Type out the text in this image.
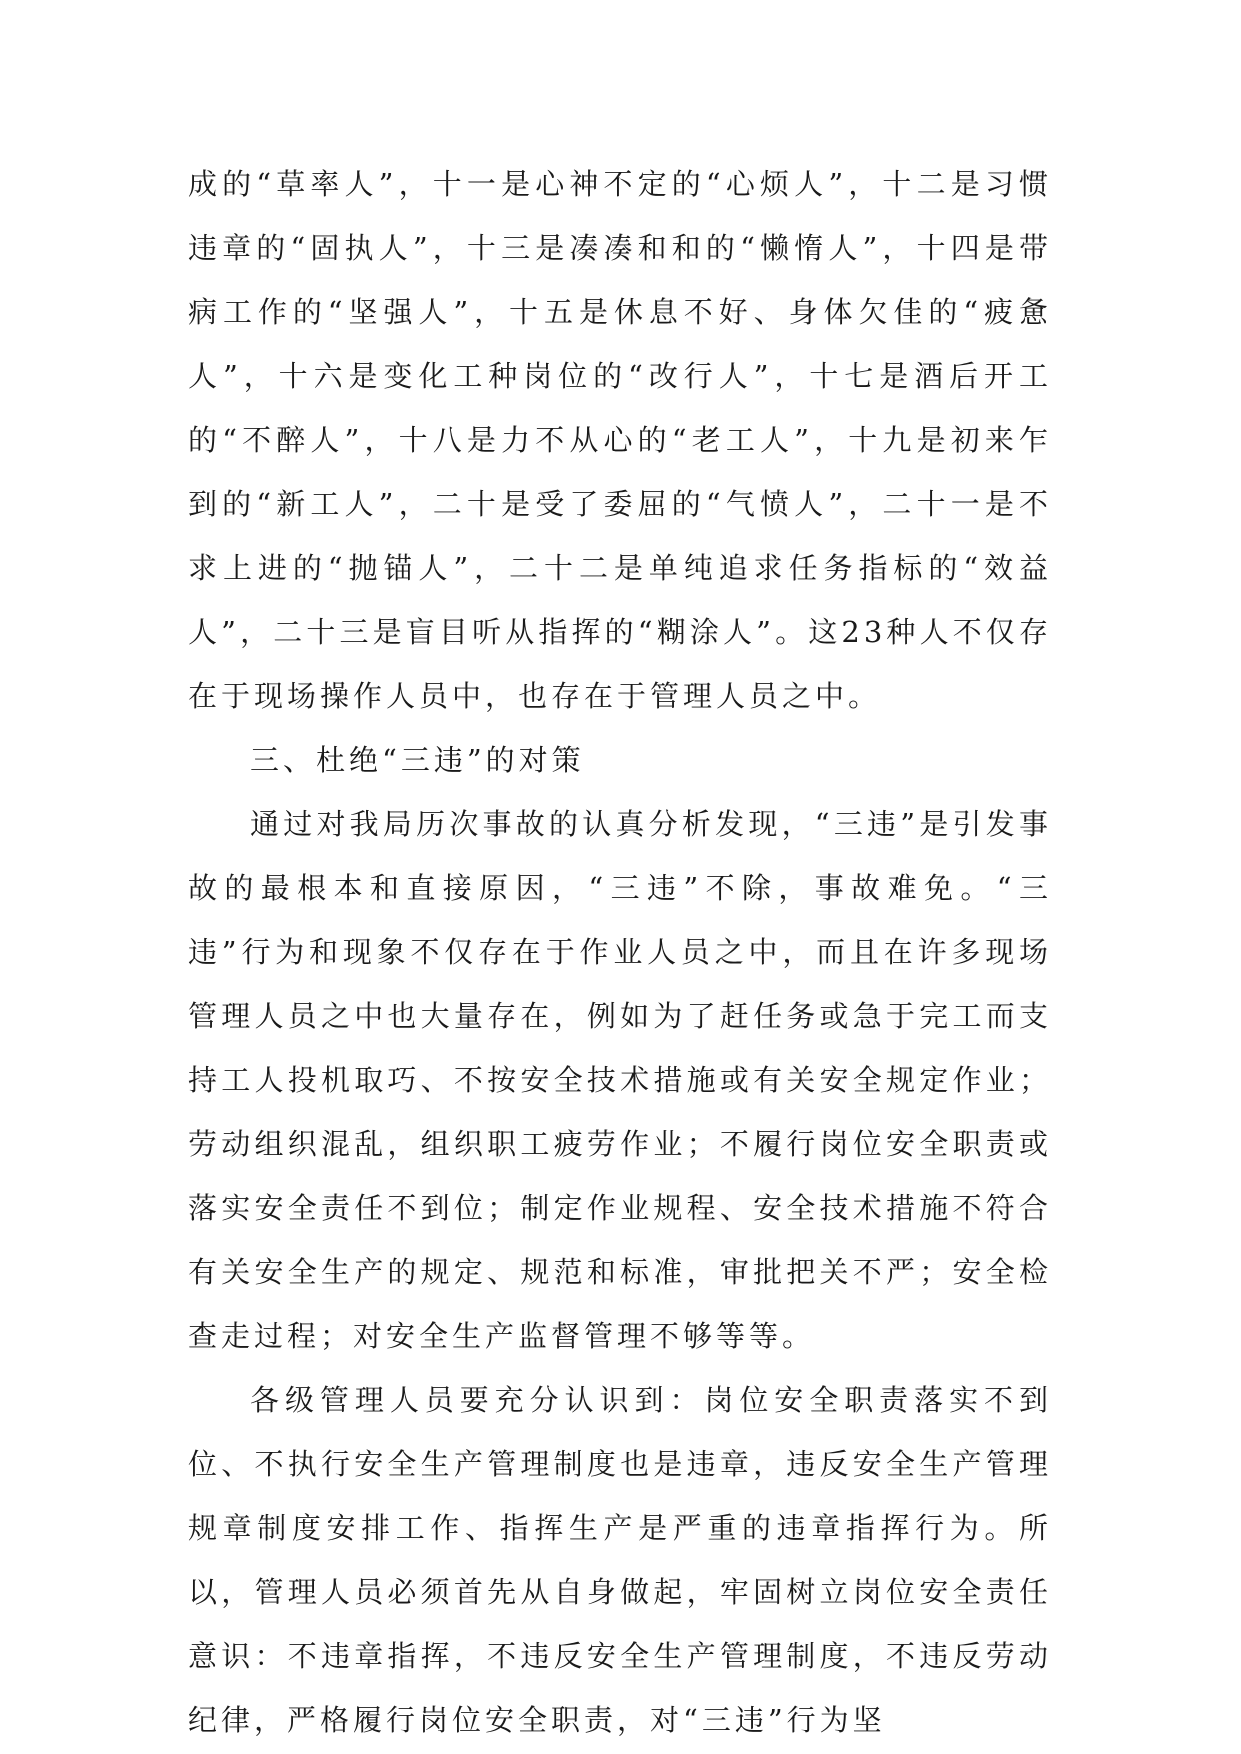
成的“草率人”，十一是心神不定的“心烦人”，十二是习惯违章的“固执人”，十三是凑凑和和的“懒惰人”，十四是带病工作的“坚强人”，十五是休息不好、身体欠佳的“疲惫人”，十六是变化工种岗位的“改行人”，十七是酒后开工的“不醉人”，十八是力不从心的“老工人”，十九是初来乍到的“新工人”，二十是受了委屈的“气愤人”，二十一是不求上进的“抛锚人”，二十二是单纯追求任务指标的“效益人”，二十三是盲目听从指挥的“糊涂人”。这23种人不仅存在于现场操作人员中，也存在于管理人员之中。

三、杜绝“三违”的对策

通过对我局历次事故的认真分析发现，“三违”是引发事故的最根本和直接原因，“三违”不除，事故难免。“三违”行为和现象不仅存在于作业人员之中，而且在许多现场管理人员之中也大量存在，例如为了赶任务或急于完工而支持工人投机取巧、不按安全技术措施或有关安全规定作业；劳动组织混乱，组织职工疲劳作业；不履行岗位安全职责或落实安全责任不到位；制定作业规程、安全技术措施不符合有关安全生产的规定、规范和标准，审批把关不严；安全检查走过程；对安全生产监督管理不够等等。

各级管理人员要充分认识到：岗位安全职责落实不到位、不执行安全生产管理制度也是违章，违反安全生产管理规章制度安排工作、指挥生产是严重的违章指挥行为。所以，管理人员必须首先从自身做起，牢固树立岗位安全责任意识：不违章指挥，不违反安全生产管理制度，不违反劳动纪律，严格履行岗位安全职责，对“三违”行为坚
